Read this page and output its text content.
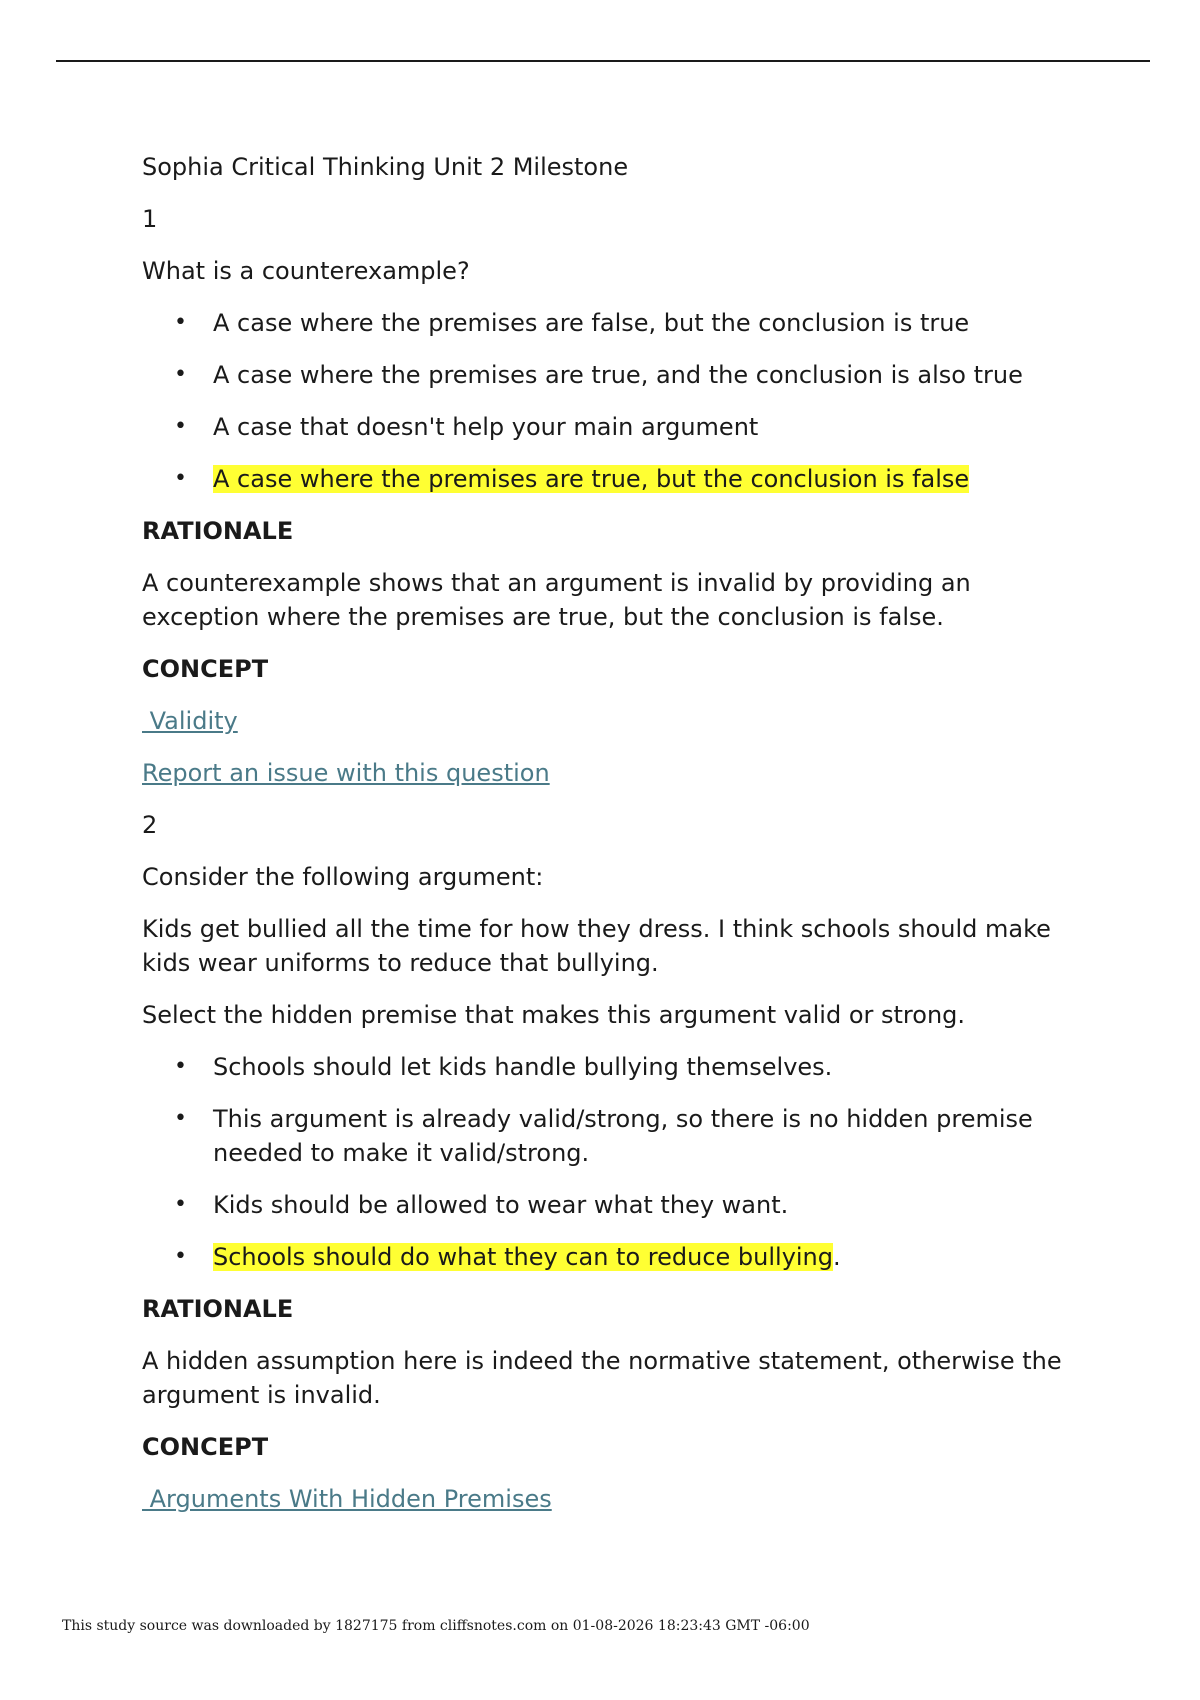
Sophia Critical Thinking Unit 2 Milestone

1

What is a counterexample?

• A case where the premises are false, but the conclusion is true
• A case where the premises are true, and the conclusion is also true
• A case that doesn't help your main argument
• A case where the premises are true, but the conclusion is false

RATIONALE

A counterexample shows that an argument is invalid by providing an exception where the premises are true, but the conclusion is false.

CONCEPT

Validity

Report an issue with this question

2

Consider the following argument:

Kids get bullied all the time for how they dress. I think schools should make kids wear uniforms to reduce that bullying.

Select the hidden premise that makes this argument valid or strong.

• Schools should let kids handle bullying themselves.
• This argument is already valid/strong, so there is no hidden premise needed to make it valid/strong.
• Kids should be allowed to wear what they want.
• Schools should do what they can to reduce bullying.

RATIONALE

A hidden assumption here is indeed the normative statement, otherwise the argument is invalid.

CONCEPT

Arguments With Hidden Premises

This study source was downloaded by 1827175 from cliffsnotes.com on 01-08-2026 18:23:43 GMT -06:00
